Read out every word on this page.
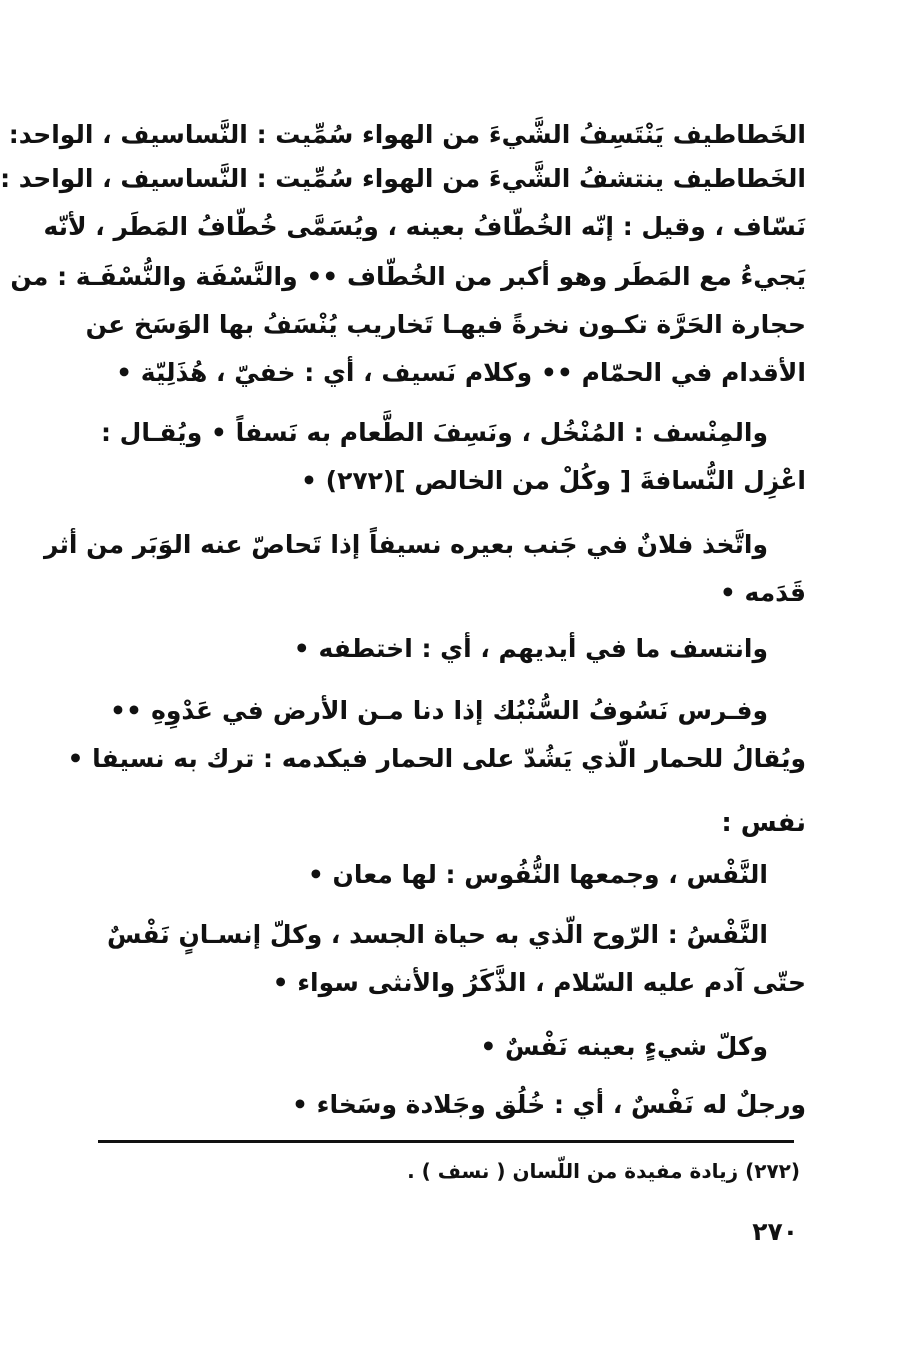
الخَطاطيف يَنْتَسِفُ الشَّيءَ من الهواء سُمِّيت : النَّساسيف ، الواحد:
الخَطاطيف ينتشفُ الشَّيءَ من الهواء سُمِّيت : النَّساسيف ، الواحد :
نَسّاف ، وقيل : إنّه الخُطّافُ بعينه ، ويُسَمَّى خُطّافُ المَطَر ، لأنّه
يَجيءُ مع المَطَر وهو أكبر من الخُطّاف •• والنَّسْفَة والنُّسْفَـة : من
حجارة الحَرَّة تكـون نخرةً فيهـا تَخاريب يُنْسَفُ بها الوَسَخ عن
الأقدام في الحمّام •• وكلام نَسيف ، أي : خفيّ ، هُذَلِيّة •
والمِنْسف : المُنْخُل ، ونَسِفَ الطَّعام به نَسفاً • ويُقـال :
اعْزِل النُّسافةَ [ وكُلْ من الخالص ](٢٧٢) •
واتَّخذ فلانٌ في جَنب بعيره نسيفاً إذا تَحاصّ عنه الوَبَر من أثر
قَدَمه •
وانتسف ما في أيديهم ، أي : اختطفه •
وفـرس نَسُوفُ السُّنْبُك إذا دنا مـن الأرض في عَدْوِهِ ••
ويُقالُ للحمار الّذي يَشُدّ على الحمار فيكدمه : ترك به نسيفا •
نفس :
النَّفْس ، وجمعها النُّفُوس : لها معان •
النَّفْسُ : الرّوح الّذي به حياة الجسد ، وكلّ إنسـانٍ نَفْسٌ
حتّى آدم عليه السّلام ، الذَّكَرُ والأنثى سواء •
وكلّ شيءٍ بعينه نَفْسٌ •
ورجلٌ له نَفْسٌ ، أي : خُلُق وجَلادة وسَخاء •
(٢٧٢) زيادة مفيدة من اللّسان ( نسف ) .
٢٧٠
